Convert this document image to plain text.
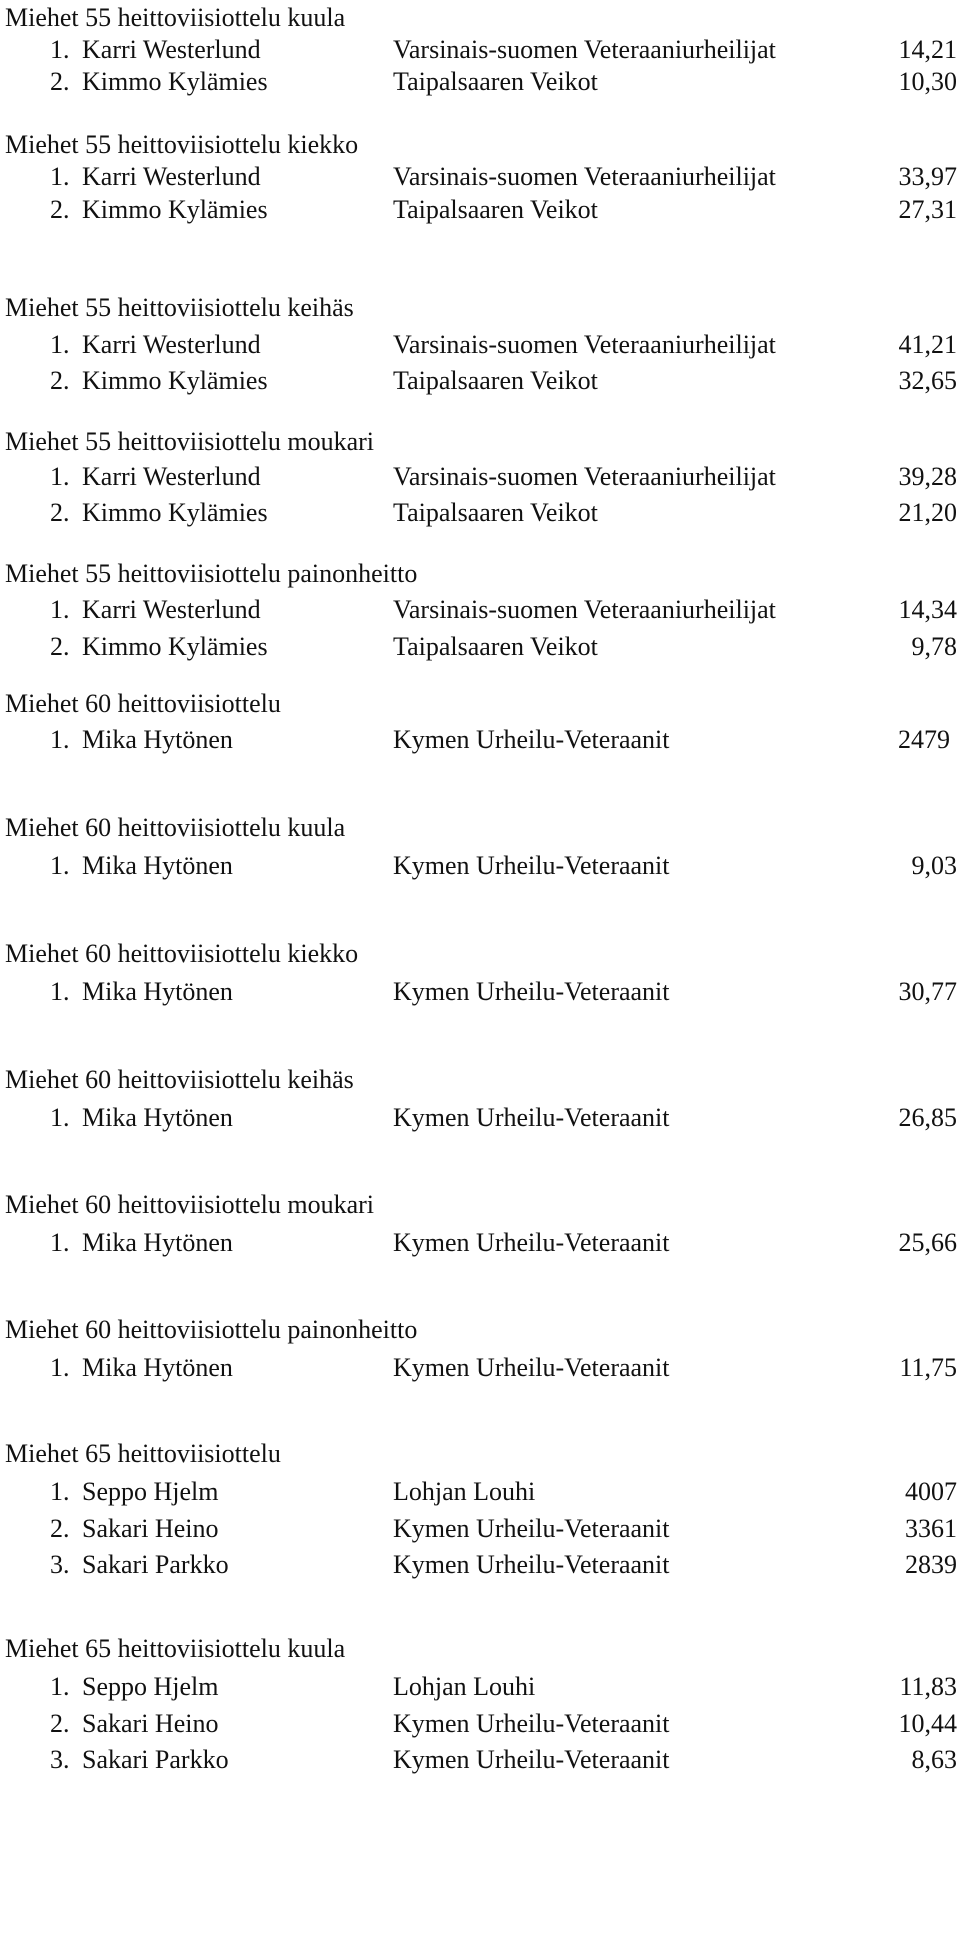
Miehet 55 heittoviisiottelu kuula
1. Karri Westerlund	Varsinais-suomen Veteraaniurheilijat	14,21
2. Kimmo Kylämies	Taipalsaaren Veikot	10,30
Miehet 55 heittoviisiottelu kiekko
1. Karri Westerlund	Varsinais-suomen Veteraaniurheilijat	33,97
2. Kimmo Kylämies	Taipalsaaren Veikot	27,31
Miehet 55 heittoviisiottelu keihäs
1. Karri Westerlund	Varsinais-suomen Veteraaniurheilijat	41,21
2. Kimmo Kylämies	Taipalsaaren Veikot	32,65
Miehet 55 heittoviisiottelu moukari
1. Karri Westerlund	Varsinais-suomen Veteraaniurheilijat	39,28
2. Kimmo Kylämies	Taipalsaaren Veikot	21,20
Miehet 55 heittoviisiottelu painonheitto
1. Karri Westerlund	Varsinais-suomen Veteraaniurheilijat	14,34
2. Kimmo Kylämies	Taipalsaaren Veikot	9,78
Miehet 60 heittoviisiottelu
1. Mika Hytönen	Kymen Urheilu-Veteraanit	2479
Miehet 60 heittoviisiottelu kuula
1. Mika Hytönen	Kymen Urheilu-Veteraanit	9,03
Miehet 60 heittoviisiottelu kiekko
1. Mika Hytönen	Kymen Urheilu-Veteraanit	30,77
Miehet 60 heittoviisiottelu keihäs
1. Mika Hytönen	Kymen Urheilu-Veteraanit	26,85
Miehet 60 heittoviisiottelu moukari
1. Mika Hytönen	Kymen Urheilu-Veteraanit	25,66
Miehet 60 heittoviisiottelu painonheitto
1. Mika Hytönen	Kymen Urheilu-Veteraanit	11,75
Miehet 65 heittoviisiottelu
1. Seppo Hjelm	Lohjan Louhi	4007
2. Sakari Heino	Kymen Urheilu-Veteraanit	3361
3. Sakari Parkko	Kymen Urheilu-Veteraanit	2839
Miehet 65 heittoviisiottelu kuula
1. Seppo Hjelm	Lohjan Louhi	11,83
2. Sakari Heino	Kymen Urheilu-Veteraanit	10,44
3. Sakari Parkko	Kymen Urheilu-Veteraanit	8,63
